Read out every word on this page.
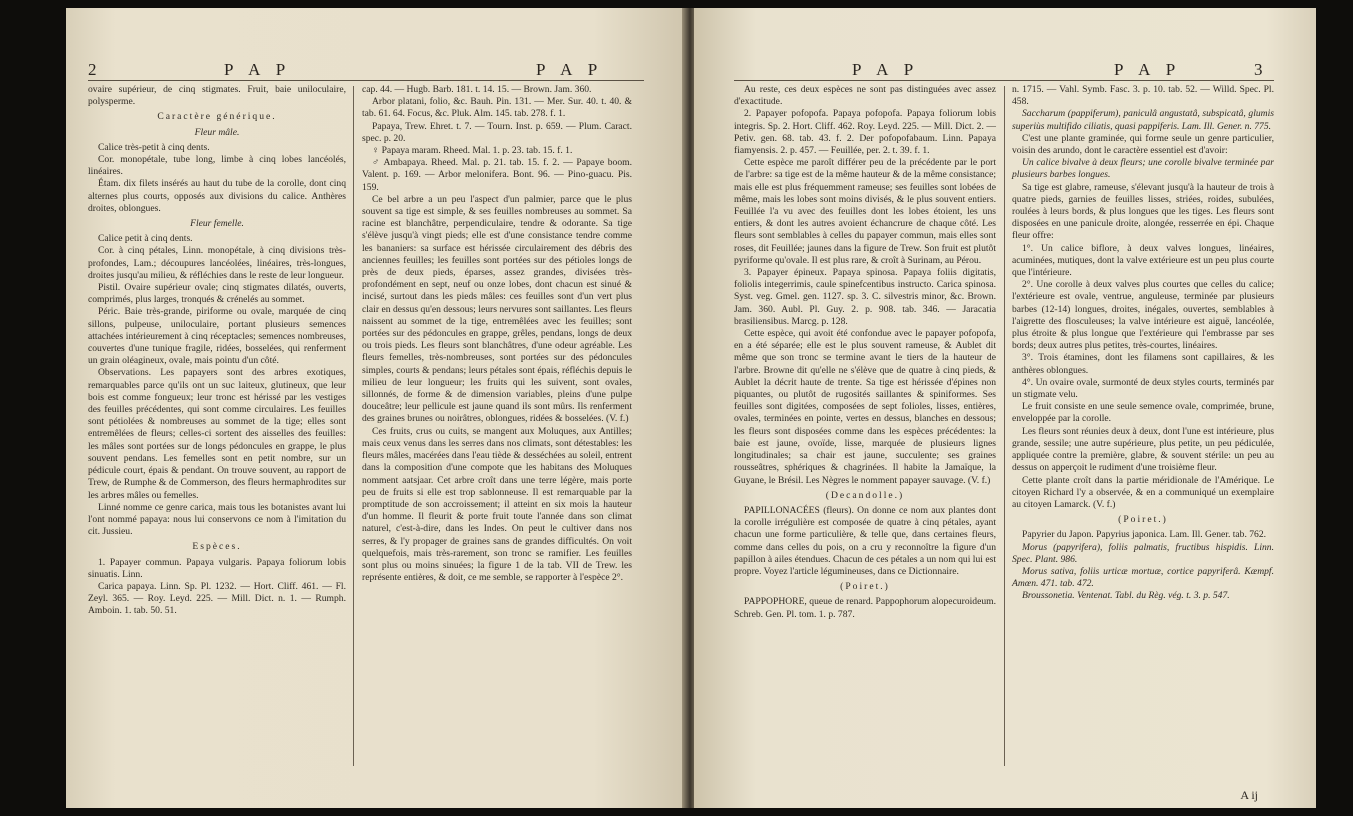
2	P A P	P A P

ovaire supérieur, de cinq stigmates. Fruit, baie uniloculaire, polysperme.

Caractère générique.

Fleur mâle.

Calice très-petit à cinq dents.

Cor. monopétale, tube long, limbe à cinq lobes lancéolés, linéaires.

Étam. dix filets insérés au haut du tube de la corolle, dont cinq alternes plus courts, opposés aux divisions du calice. Anthères droites, oblongues.

Fleur femelle.

Calice petit à cinq dents.

Cor. à cinq pétales, Linn. monopétale, à cinq divisions très-profondes, Lam.; découpures lancéolées, linéaires, très-longues, droites jusqu'au milieu, & réfléchies dans le reste de leur longueur.

Pistil. Ovaire supérieur ovale; cinq stigmates dilatés, ouverts, comprimés, plus larges, tronqués & crénelés au sommet.

Péric. Baie très-grande, piriforme ou ovale, marquée de cinq sillons, pulpeuse, uniloculaire, portant plusieurs semences attachées intérieurement à cinq réceptacles; semences nombreuses, couvertes d'une tunique fragile, ridées, bosselées, qui renferment un grain oléagineux, ovale, mais pointu d'un côté.

Observations. Les papayers sont des arbres exotiques, remarquables parce qu'ils ont un suc laiteux, glutineux, que leur bois est comme fongueux; leur tronc est hérissé par les vestiges des feuilles précédentes, qui sont comme circulaires. Les feuilles sont pétiolées & nombreuses au sommet de la tige; elles sont entremêlées de fleurs; celles-ci sortent des aisselles des feuilles: les mâles sont portées sur de longs pédoncules en grappe, le plus souvent pendans. Les femelles sont en petit nombre, sur un pédicule court, épais & pendant. On trouve souvent, au rapport de Trew, de Rumphe & de Commerson, des fleurs hermaphrodites sur les arbres mâles ou femelles.

Linné nomme ce genre carica, mais tous les botanistes avant lui l'ont nommé papaya: nous lui conservons ce nom à l'imitation du cit. Jussieu.

Espèces.

1. Papayer commun. Papaya vulgaris. Papaya foliorum lobis sinuatis. Linn.

Carica papaya. Linn. Sp. Pl. 1232. — Hort. Cliff. 461. — Fl. Zeyl. 365. — Roy. Leyd. 225. — Mill. Dict. n. 1. — Rumph. Amboin. 1. tab. 50. 51.

cap. 44. — Hugb. Barb. 181. t. 14. 15. — Brown. Jam. 360.

Arbor platani, folio, &c. Bauh. Pin. 131. — Mer. Sur. 40. t. 40. & tab. 61. 64. Focus, &c. Pluk. Alm. 145. tab. 278. f. 1.

Papaya, Trew. Ehret. t. 7. — Tourn. Inst. p. 659. — Plum. Caract. spec. p. 20.

♀ Papaya maram. Rheed. Mal. 1. p. 23. tab. 15. f. 1.

♂ Ambapaya. Rheed. Mal. p. 21. tab. 15. f. 2. — Papaye boom. Valent. p. 169. — Arbor melonifera. Bont. 96. — Pino-guacu. Pis. 159.

Ce bel arbre a un peu l'aspect d'un palmier, parce que le plus souvent sa tige est simple, & ses feuilles nombreuses au sommet. Sa racine est blanchâtre, perpendiculaire, tendre & odorante. Sa tige s'élève jusqu'à vingt pieds; elle est d'une consistance tendre comme les bananiers: sa surface est hérissée circulairement des débris des anciennes feuilles; les feuilles sont portées sur des pétioles longs de près de deux pieds, éparses, assez grandes, divisées très-profondément en sept, neuf ou onze lobes, dont chacun est sinué & incisé, surtout dans les pieds mâles: ces feuilles sont d'un vert plus clair en dessus qu'en dessous; leurs nervures sont saillantes. Les fleurs naissent au sommet de la tige, entremêlées avec les feuilles; sont portées sur des pédoncules en grappe, grêles, pendans, longs de deux ou trois pieds. Les fleurs sont blanchâtres, d'une odeur agréable. Les fleurs femelles, très-nombreuses, sont portées sur des pédoncules simples, courts & pendans; leurs pétales sont épais, réfléchis depuis le milieu de leur longueur; les fruits qui les suivent, sont ovales, sillonnés, de forme & de dimension variables, pleins d'une pulpe douceâtre; leur pellicule est jaune quand ils sont mûrs. Ils renferment des graines brunes ou noirâtres, oblongues, ridées & bosselées. (V. f.)

Ces fruits, crus ou cuits, se mangent aux Moluques, aux Antilles; mais ceux venus dans les serres dans nos climats, sont détestables: les fleurs mâles, macérées dans l'eau tiède & desséchées au soleil, entrent dans la composition d'une compote que les habitans des Moluques nomment aatsjaar. Cet arbre croît dans une terre légère, mais porte peu de fruits si elle est trop sablonneuse. Il est remarquable par la promptitude de son accroissement; il atteint en six mois la hauteur d'un homme. Il fleurit & porte fruit toute l'année dans son climat naturel, c'est-à-dire, dans les Indes. On peut le cultiver dans nos serres, & l'y propager de graines sans de grandes difficultés. On voit quelquefois, mais très-rarement, son tronc se ramifier. Les feuilles sont plus ou moins sinuées; la figure 1 de la tab. VII de Trew. les représente entières, & doit, ce me semble, se rapporter à l'espèce 2°.

P A P	P A P	3

Au reste, ces deux espèces ne sont pas distinguées avec assez d'exactitude.

2. Papayer pofopofa. Papaya pofopofa. Papaya foliorum lobis integris. Sp. 2. Hort. Cliff. 462. Roy. Leyd. 225. — Mill. Dict. 2. — Petiv. gen. 68. tab. 43. f. 2. Der pofopofabaum. Linn. Papaya fiamyensis. 2. p. 457. — Feuillée, per. 2. t. 39. f. 1.

Cette espèce me paroît différer peu de la précédente par le port de l'arbre: sa tige est de la même hauteur & de la même consistance; mais elle est plus fréquemment rameuse; ses feuilles sont lobées de même, mais les lobes sont moins divisés, & le plus souvent entiers. Feuillée l'a vu avec des feuilles dont les lobes étoient, les uns entiers, & dont les autres avoient échancrure de chaque côté. Les fleurs sont semblables à celles du papayer commun, mais elles sont roses, dit Feuillée; jaunes dans la figure de Trew. Son fruit est plutôt pyriforme qu'ovale. Il est plus rare, & croît à Surinam, au Pérou.

3. Papayer épineux. Papaya spinosa. Papaya foliis digitatis, foliolis integerrimis, caule spinefcentibus instructo. Carica spinosa. Syst. veg. Gmel. gen. 1127. sp. 3. C. silvestris minor, &c. Brown. Jam. 360. Aubl. Pl. Guy. 2. p. 908. tab. 346. — Jaracatia brasiliensibus. Marcg. p. 128.

Cette espèce, qui avoit été confondue avec le papayer pofopofa, en a été séparée; elle est le plus souvent rameuse, & Aublet dit même que son tronc se termine avant le tiers de la hauteur de l'arbre. Browne dit qu'elle ne s'élève que de quatre à cinq pieds, & Aublet la décrit haute de trente. Sa tige est hérissée d'épines non piquantes, ou plutôt de rugosités saillantes & spiniformes. Ses feuilles sont digitées, composées de sept folioles, lisses, entières, ovales, terminées en pointe, vertes en dessus, blanches en dessous; les fleurs sont disposées comme dans les espèces précédentes: la baie est jaune, ovoïde, lisse, marquée de plusieurs lignes longitudinales; sa chair est jaune, succulente; ses graines rousseâtres, sphériques & chagrinées. Il habite la Jamaïque, la Guyane, le Brésil. Les Nègres le nomment papayer sauvage. (V. f.)

(Decandolle.)

PAPILLONACÉES (fleurs). On donne ce nom aux plantes dont la corolle irrégulière est composée de quatre à cinq pétales, ayant chacun une forme particulière, & telle que, dans certaines fleurs, comme dans celles du pois, on a cru y reconnoître la figure d'un papillon à ailes étendues. Chacun de ces pétales a un nom qui lui est propre. Voyez l'article légumineuses, dans ce Dictionnaire.

(Poiret.)

PAPPOPHORE, queue de renard. Pappophorum alopecuroideum. Schreb. Gen. Pl. tom. 1. p. 787.

n. 1715. — Vahl. Symb. Fasc. 3. p. 10. tab. 52. — Willd. Spec. Pl. 458.

Saccharum (pappiferum), paniculâ angustatâ, subspicatâ, glumis superiùs multifido ciliatis, quasi pappiferis. Lam. Ill. Gener. n. 775.

C'est une plante graminée, qui forme seule un genre particulier, voisin des arundo, dont le caractère essentiel est d'avoir:

Un calice bivalve à deux fleurs; une corolle bivalve terminée par plusieurs barbes longues.

Sa tige est glabre, rameuse, s'élevant jusqu'à la hauteur de trois à quatre pieds, garnies de feuilles lisses, striées, roides, subulées, roulées à leurs bords, & plus longues que les tiges. Les fleurs sont disposées en une panicule droite, alongée, resserrée en épi. Chaque fleur offre:

1°. Un calice biflore, à deux valves longues, linéaires, acuminées, mutiques, dont la valve extérieure est un peu plus courte que l'intérieure.

2°. Une corolle à deux valves plus courtes que celles du calice; l'extérieure est ovale, ventrue, anguleuse, terminée par plusieurs barbes (12-14) longues, droites, inégales, ouvertes, semblables à l'aigrette des flosculeuses; la valve intérieure est aiguë, lancéolée, plus étroite & plus longue que l'extérieure qui l'embrasse par ses bords; deux autres plus petites, très-courtes, linéaires.

3°. Trois étamines, dont les filamens sont capillaires, & les anthères oblongues.

4°. Un ovaire ovale, surmonté de deux styles courts, terminés par un stigmate velu.

Le fruit consiste en une seule semence ovale, comprimée, brune, enveloppée par la corolle.

Les fleurs sont réunies deux à deux, dont l'une est intérieure, plus grande, sessile; une autre supérieure, plus petite, un peu pédiculée, appliquée contre la première, glabre, & souvent stérile: un peu au dessus on apperçoit le rudiment d'une troisième fleur.

Cette plante croît dans la partie méridionale de l'Amérique. Le citoyen Richard l'y a observée, & en a communiqué un exemplaire au citoyen Lamarck. (V. f.)

(Poiret.)

Papyrier du Japon. Papyrius japonica. Lam. Ill. Gener. tab. 762.

Morus (papyrifera), foliis palmatis, fructibus hispidis. Linn. Spec. Plant. 986.

Morus sativa, foliis urticæ mortuæ, cortice papyriferâ. Kæmpf. Amœn. 471. tab. 472.

Broussonetia. Ventenat. Tabl. du Règ. vég. t. 3. p. 547.

A ij
